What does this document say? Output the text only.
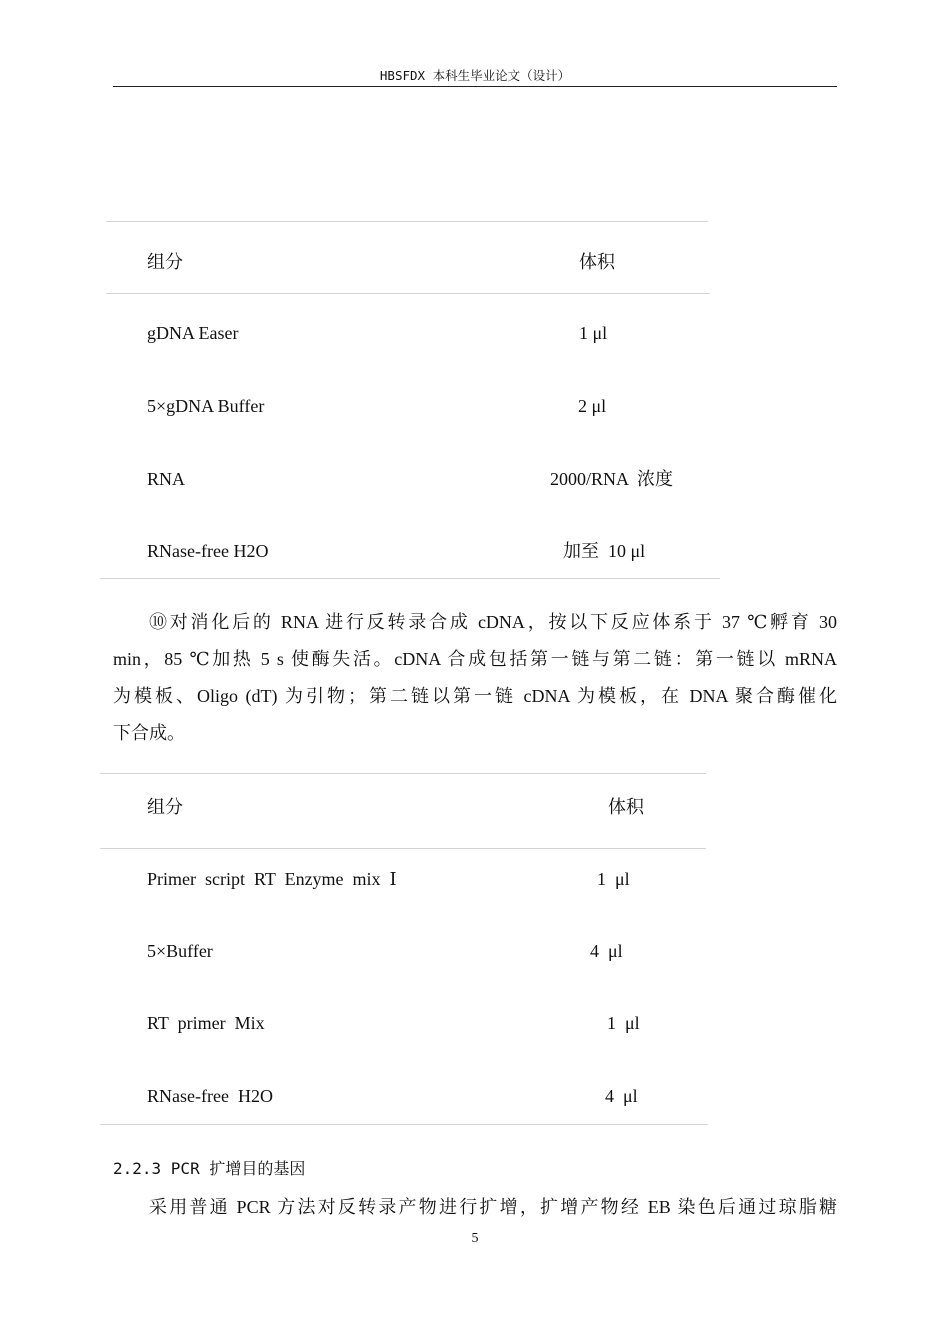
HBSFDX 本科生毕业论文（设计）
组分	体积
gDNA Easer	1 μl
5×gDNA Buffer	2 μl
RNA	2000/RNA  浓度
RNase-free H2O	加至  10 μl
⑩对消化后的 RNA 进行反转录合成 cDNA，按以下反应体系于 37 ℃孵育 30
min，85 ℃加热 5 s 使酶失活。cDNA 合成包括第一链与第二链：第一链以 mRNA
为模板、Oligo (dT) 为引物；第二链以第一链 cDNA 为模板，在 DNA 聚合酶催化
下合成。
组分	体积
Primer  script  RT  Enzyme  mix  Ⅰ	1  μl
5×Buffer	4  μl
RT  primer  Mix	1  μl
RNase-free  H2O	4  μl
2.2.3 PCR 扩增目的基因
采用普通 PCR 方法对反转录产物进行扩增，扩增产物经 EB 染色后通过琼脂糖
5
